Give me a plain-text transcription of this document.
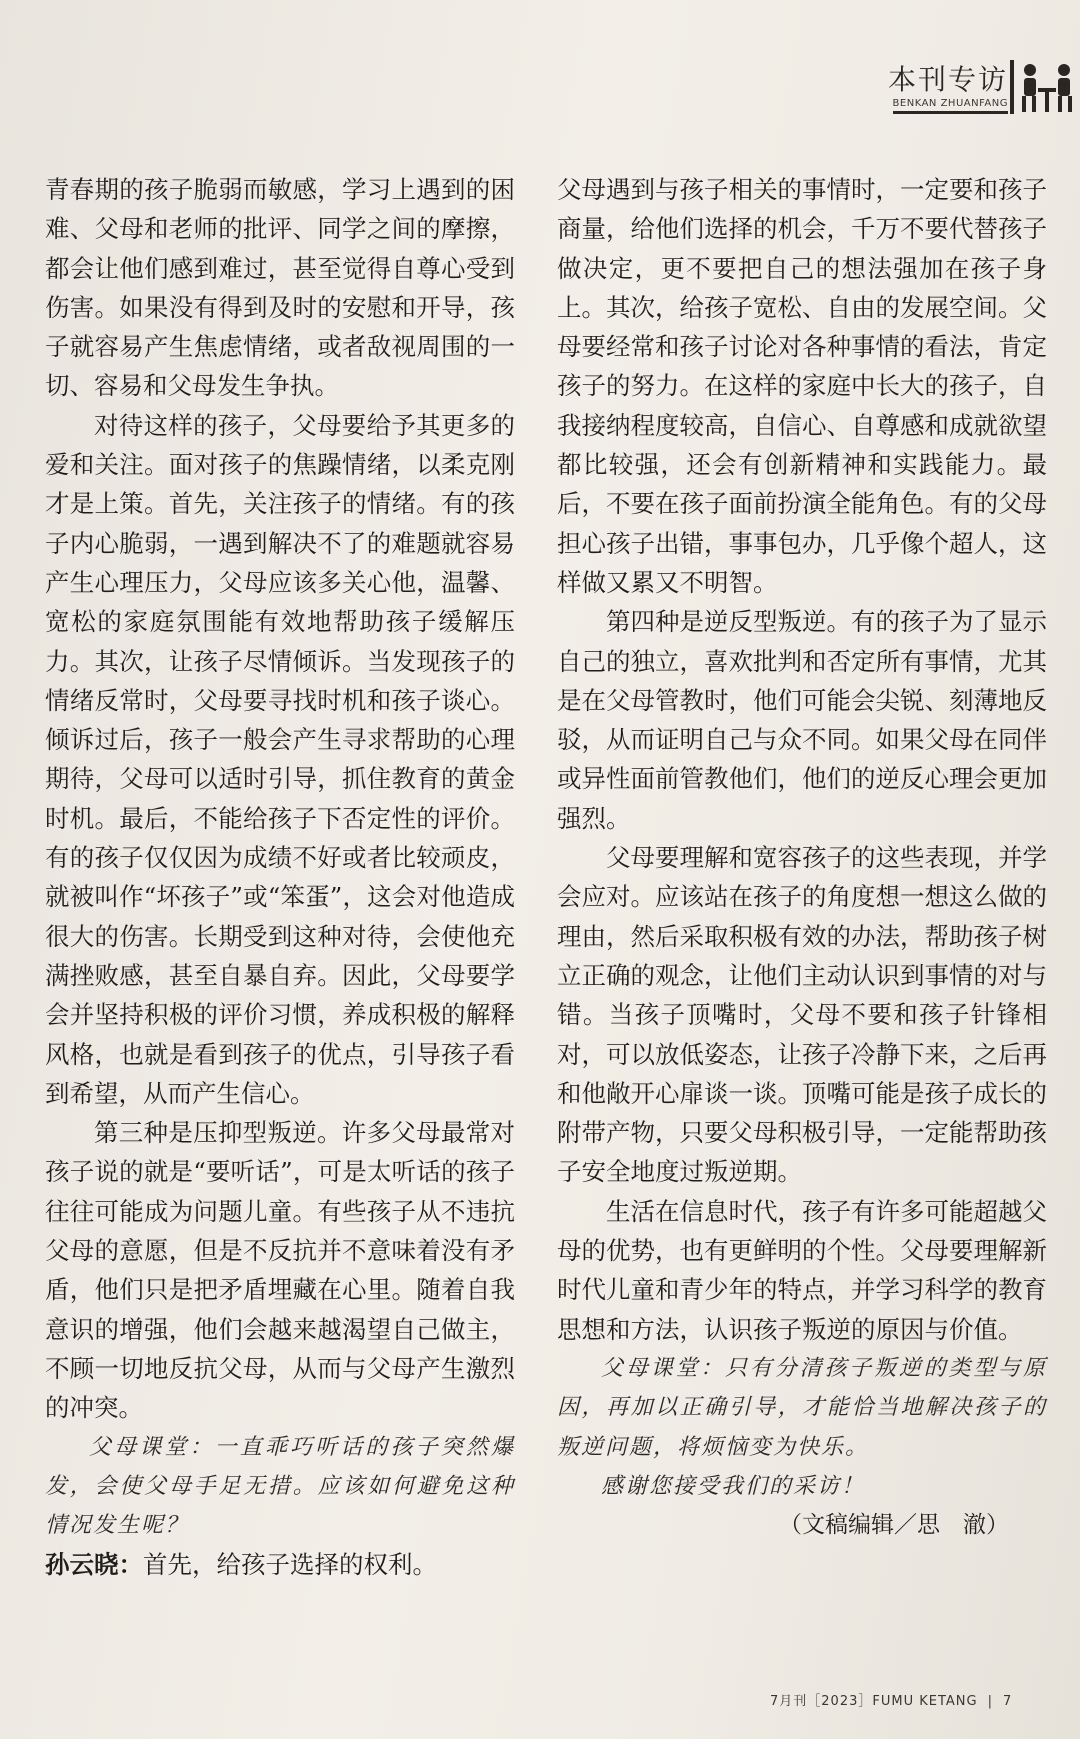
本刊专访
BENKAN ZHUANFANG

青春期的孩子脆弱而敏感，学习上遇到的困难、父母和老师的批评、同学之间的摩擦，都会让他们感到难过，甚至觉得自尊心受到伤害。如果没有得到及时的安慰和开导，孩子就容易产生焦虑情绪，或者敌视周围的一切、容易和父母发生争执。

对待这样的孩子，父母要给予其更多的爱和关注。面对孩子的焦躁情绪，以柔克刚才是上策。首先，关注孩子的情绪。有的孩子内心脆弱，一遇到解决不了的难题就容易产生心理压力，父母应该多关心他，温馨、宽松的家庭氛围能有效地帮助孩子缓解压力。其次，让孩子尽情倾诉。当发现孩子的情绪反常时，父母要寻找时机和孩子谈心。倾诉过后，孩子一般会产生寻求帮助的心理期待，父母可以适时引导，抓住教育的黄金时机。最后，不能给孩子下否定性的评价。有的孩子仅仅因为成绩不好或者比较顽皮，就被叫作“坏孩子”或“笨蛋”，这会对他造成很大的伤害。长期受到这种对待，会使他充满挫败感，甚至自暴自弃。因此，父母要学会并坚持积极的评价习惯，养成积极的解释风格，也就是看到孩子的优点，引导孩子看到希望，从而产生信心。

第三种是压抑型叛逆。许多父母最常对孩子说的就是“要听话”，可是太听话的孩子往往可能成为问题儿童。有些孩子从不违抗父母的意愿，但是不反抗并不意味着没有矛盾，他们只是把矛盾埋藏在心里。随着自我意识的增强，他们会越来越渴望自己做主，不顾一切地反抗父母，从而与父母产生激烈的冲突。

父母课堂：一直乖巧听话的孩子突然爆发，会使父母手足无措。应该如何避免这种情况发生呢？

孙云晓：首先，给孩子选择的权利。

父母遇到与孩子相关的事情时，一定要和孩子商量，给他们选择的机会，千万不要代替孩子做决定，更不要把自己的想法强加在孩子身上。其次，给孩子宽松、自由的发展空间。父母要经常和孩子讨论对各种事情的看法，肯定孩子的努力。在这样的家庭中长大的孩子，自我接纳程度较高，自信心、自尊感和成就欲望都比较强，还会有创新精神和实践能力。最后，不要在孩子面前扮演全能角色。有的父母担心孩子出错，事事包办，几乎像个超人，这样做又累又不明智。

第四种是逆反型叛逆。有的孩子为了显示自己的独立，喜欢批判和否定所有事情，尤其是在父母管教时，他们可能会尖锐、刻薄地反驳，从而证明自己与众不同。如果父母在同伴或异性面前管教他们，他们的逆反心理会更加强烈。

父母要理解和宽容孩子的这些表现，并学会应对。应该站在孩子的角度想一想这么做的理由，然后采取积极有效的办法，帮助孩子树立正确的观念，让他们主动认识到事情的对与错。当孩子顶嘴时，父母不要和孩子针锋相对，可以放低姿态，让孩子冷静下来，之后再和他敞开心扉谈一谈。顶嘴可能是孩子成长的附带产物，只要父母积极引导，一定能帮助孩子安全地度过叛逆期。

生活在信息时代，孩子有许多可能超越父母的优势，也有更鲜明的个性。父母要理解新时代儿童和青少年的特点，并学习科学的教育思想和方法，认识孩子叛逆的原因与价值。

父母课堂：只有分清孩子叛逆的类型与原因，再加以正确引导，才能恰当地解决孩子的叛逆问题，将烦恼变为快乐。

感谢您接受我们的采访！

（文稿编辑／思　澈）

7月刊［2023］FUMU KETANG | 7
